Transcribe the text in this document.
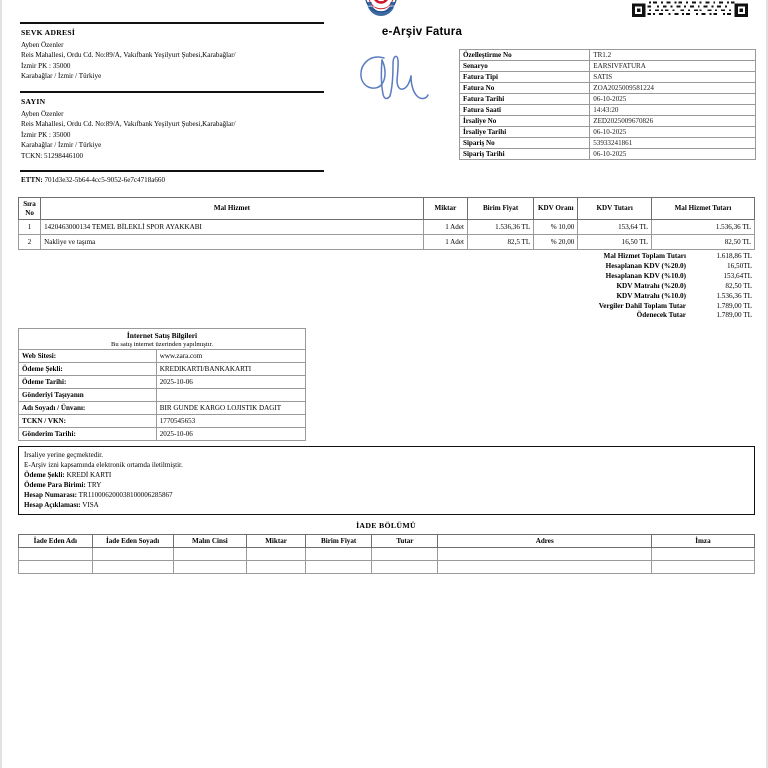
Gelir İdaresi Başkanlığı
e-Arşiv Fatura
SEVK ADRESİ
Ayben Özenler
Reis Mahallesi, Ordu Cd. No:89/A, Vakıfbank Yeşilyurt Şubesi,Karabağlar/
İzmir PK : 35000
Karabağlar / İzmir / Türkiye
SAYIN
Ayben Özenler
Reis Mahallesi, Ordu Cd. No:89/A, Vakıfbank Yeşilyurt Şubesi,Karabağlar/
İzmir PK : 35000
Karabağlar / İzmir / Türkiye
TCKN: 51298446100
ETTN: 701d3e32-5b64-4cc5-9052-6e7c4718a660
Özelleştirme No	TR1.2
Senaryo	EARSIVFATURA
Fatura Tipi	SATIS
Fatura No	ZOA2025009581224
Fatura Tarihi	06-10-2025
Fatura Saati	14:43:20
İrsaliye No	ZED2025009670826
İrsaliye Tarihi	06-10-2025
Sipariş No	53933241861
Sipariş Tarihi	06-10-2025
Sıra No	Mal Hizmet	Miktar	Birim Fiyat	KDV Oranı	KDV Tutarı	Mal Hizmet Tutarı
1	1420463000134 TEMEL BİLEKLİ SPOR AYAKKABI	1 Adet	1.536,36 TL	% 10,00	153,64 TL	1.536,36 TL
2	Nakliye ve taşıma	1 Adet	82,5 TL	% 20,00	16,50 TL	82,50 TL
Mal Hizmet Toplam Tutarı	1.618,86 TL
Hesaplanan KDV (%20.0)	16,50TL
Hesaplanan KDV (%10.0)	153,64TL
KDV Matrahı (%20.0)	82,50 TL
KDV Matrahı (%10.0)	1.536,36 TL
Vergiler Dahil Toplam Tutar	1.789,00 TL
Ödenecek Tutar	1.789,00 TL
İnternet Satış Bilgileri
Bu satış internet üzerinden yapılmıştır.	

Web Sitesi:	www.zara.com
Ödeme Şekli:	KREDIKARTI/BANKAKARTI
Ödeme Tarihi:	2025-10-06
Gönderiyi Taşıyanın	
Adı Soyadı / Ünvanı:	BIR GUNDE KARGO LOJISTIK DAGIT
TCKN / VKN:	1770545653
Gönderim Tarihi:	2025-10-06
İrsaliye yerine geçmektedir.
E-Arşiv izni kapsamında elektronik ortamda iletilmiştir.
Ödeme Şekli: KREDİ KARTI
Ödeme Para Birimi: TRY
Hesap Numarası: TR110006200038100006285867
Hesap Açıklaması: VISA
İADE BÖLÜMÜ
İade Eden Adı	İade Eden Soyadı	Malın Cinsi	Miktar	Birim Fiyat	Tutar	Adres	İmza
